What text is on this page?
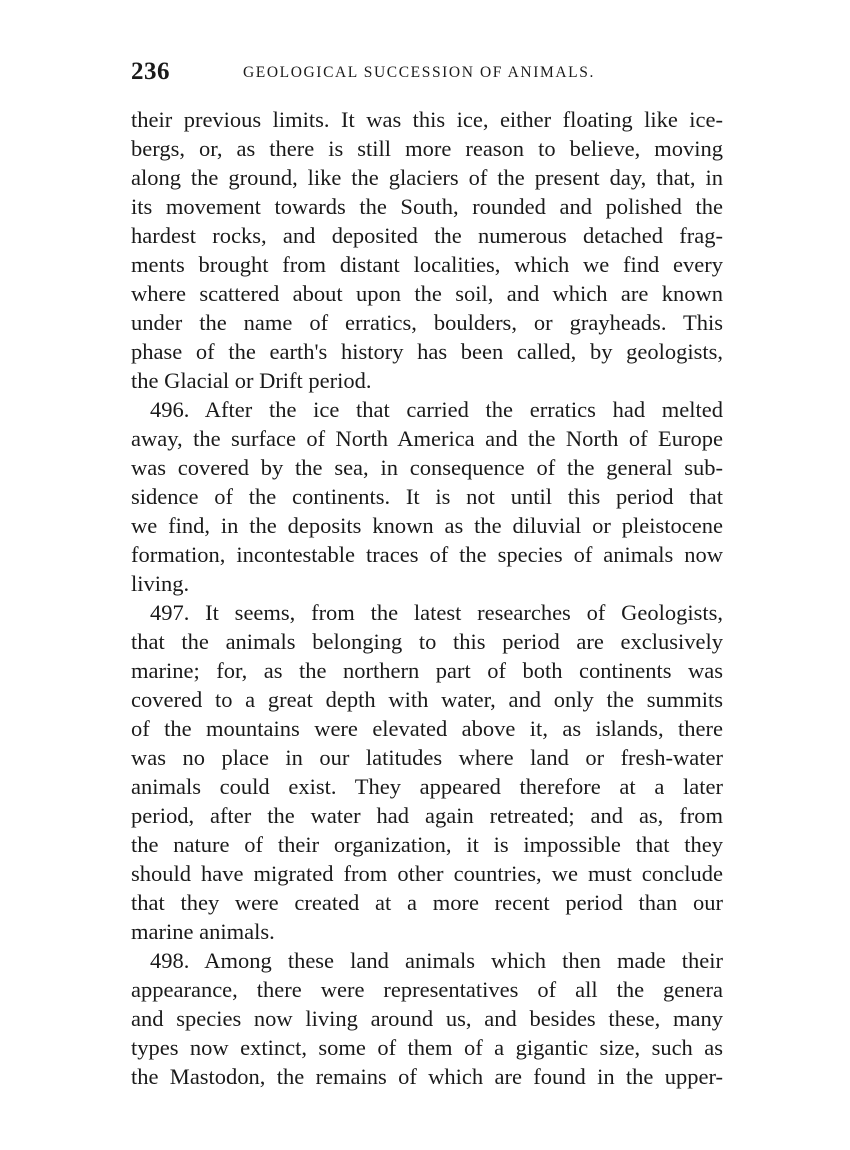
236	GEOLOGICAL SUCCESSION OF ANIMALS.
their previous limits. It was this ice, either floating like ice-
bergs, or, as there is still more reason to believe, moving
along the ground, like the glaciers of the present day, that, in
its movement towards the South, rounded and polished the
hardest rocks, and deposited the numerous detached frag-
ments brought from distant localities, which we find every
where scattered about upon the soil, and which are known
under the name of erratics, boulders, or grayheads. This
phase of the earth's history has been called, by geologists,
the Glacial or Drift period.
496. After the ice that carried the erratics had melted
away, the surface of North America and the North of Europe
was covered by the sea, in consequence of the general sub-
sidence of the continents. It is not until this period that
we find, in the deposits known as the diluvial or pleistocene
formation, incontestable traces of the species of animals now
living.
497. It seems, from the latest researches of Geologists,
that the animals belonging to this period are exclusively
marine; for, as the northern part of both continents was
covered to a great depth with water, and only the summits
of the mountains were elevated above it, as islands, there
was no place in our latitudes where land or fresh-water
animals could exist. They appeared therefore at a later
period, after the water had again retreated; and as, from
the nature of their organization, it is impossible that they
should have migrated from other countries, we must conclude
that they were created at a more recent period than our
marine animals.
498. Among these land animals which then made their
appearance, there were representatives of all the genera
and species now living around us, and besides these, many
types now extinct, some of them of a gigantic size, such as
the Mastodon, the remains of which are found in the upper-
